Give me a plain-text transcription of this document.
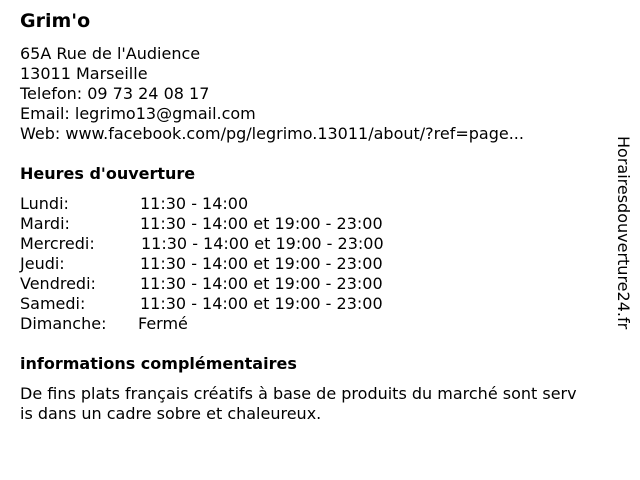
Grim'o
65A Rue de l'Audience
13011 Marseille
Telefon: 09 73 24 08 17
Email: legrimo13@gmail.com
Web: www.facebook.com/pg/legrimo.13011/about/?ref=page...
Heures d'ouverture
Lundi:	11:30 - 14:00
Mardi:	11:30 - 14:00 et 19:00 - 23:00
Mercredi:	11:30 - 14:00 et 19:00 - 23:00
Jeudi:	11:30 - 14:00 et 19:00 - 23:00
Vendredi:	11:30 - 14:00 et 19:00 - 23:00
Samedi:	11:30 - 14:00 et 19:00 - 23:00
Dimanche: Fermé
informations complémentaires
De fins plats français créatifs à base de produits du marché sont serv
is dans un cadre sobre et chaleureux.
Horairesdouverture24.fr
